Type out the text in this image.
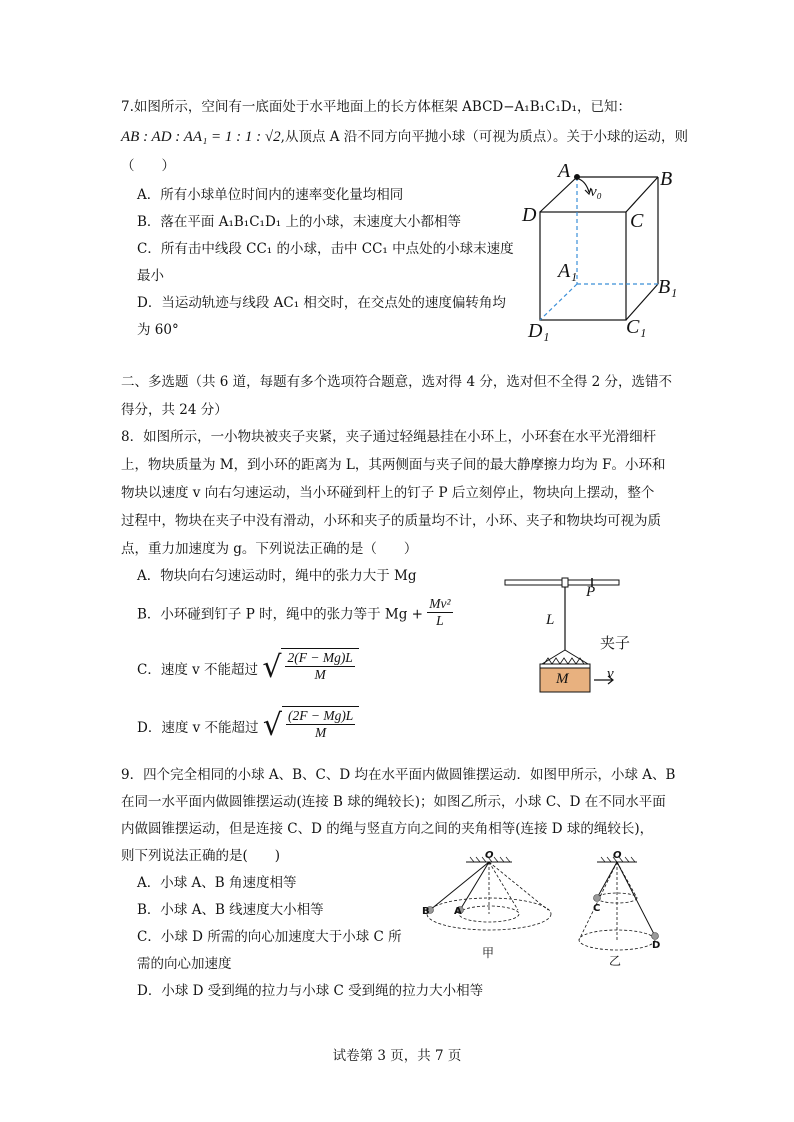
7.如图所示，空间有一底面处于水平地面上的长方体框架 ABCD−A₁B₁C₁D₁，已知：
AB : AD : AA₁ = 1 : 1 : √2,从顶点 A 沿不同方向平抛小球（可视为质点）。关于小球的运动，则
（　　）
A．所有小球单位时间内的速率变化量均相同
B．落在平面 A₁B₁C₁D₁ 上的小球，末速度大小都相等
C．所有击中线段 CC₁ 的小球，击中 CC₁ 中点处的小球末速度
最小
D．当运动轨迹与线段 AC₁ 相交时，在交点处的速度偏转角均
为 60°
A
v₀
B
D	C
A₁
B₁
D₁	C₁
二、多选题（共 6 道，每题有多个选项符合题意，选对得 4 分，选对但不全得 2 分，选错不
得分，共 24 分）
8．如图所示，一小物块被夹子夹紧，夹子通过轻绳悬挂在小环上，小环套在水平光滑细杆
上，物块质量为 M，到小环的距离为 L，其两侧面与夹子间的最大静摩擦力均为 F。小环和
物块以速度 v 向右匀速运动，当小环碰到杆上的钉子 P 后立刻停止，物块向上摆动，整个
过程中，物块在夹子中没有滑动，小环和夹子的质量均不计，小环、夹子和物块均可视为质
点，重力加速度为 g。下列说法正确的是（　　）
A．物块向右匀速运动时，绳中的张力大于 Mg
B．小环碰到钉子 P 时，绳中的张力等于 $Mg + \frac{\text{Mv²}}{L}$
C．速度 v 不能超过 √ $\frac{2(F - Mg)L}{M}$
D．速度 v 不能超过 √ $\frac{(2F - Mg)L}{M}$
P
L
夹子
M	v
9．四个完全相同的小球 A、B、C、D 均在水平面内做圆锥摆运动．如图甲所示，小球 A、B
在同一水平面内做圆锥摆运动(连接 B 球的绳较长)；如图乙所示，小球 C、D 在不同水平面
内做圆锥摆运动，但是连接 C、D 的绳与竖直方向之间的夹角相等(连接 D 球的绳较长)，
则下列说法正确的是(　　)
A．小球 A、B 角速度相等
B．小球 A、B 线速度大小相等
C．小球 D 所需的向心加速度大于小球 C 所
需的向心加速度
D．小球 D 受到绳的拉力与小球 C 受到绳的拉力大小相等
O
B A
甲
O
C
D
乙
试卷第 3 页，共 7 页
